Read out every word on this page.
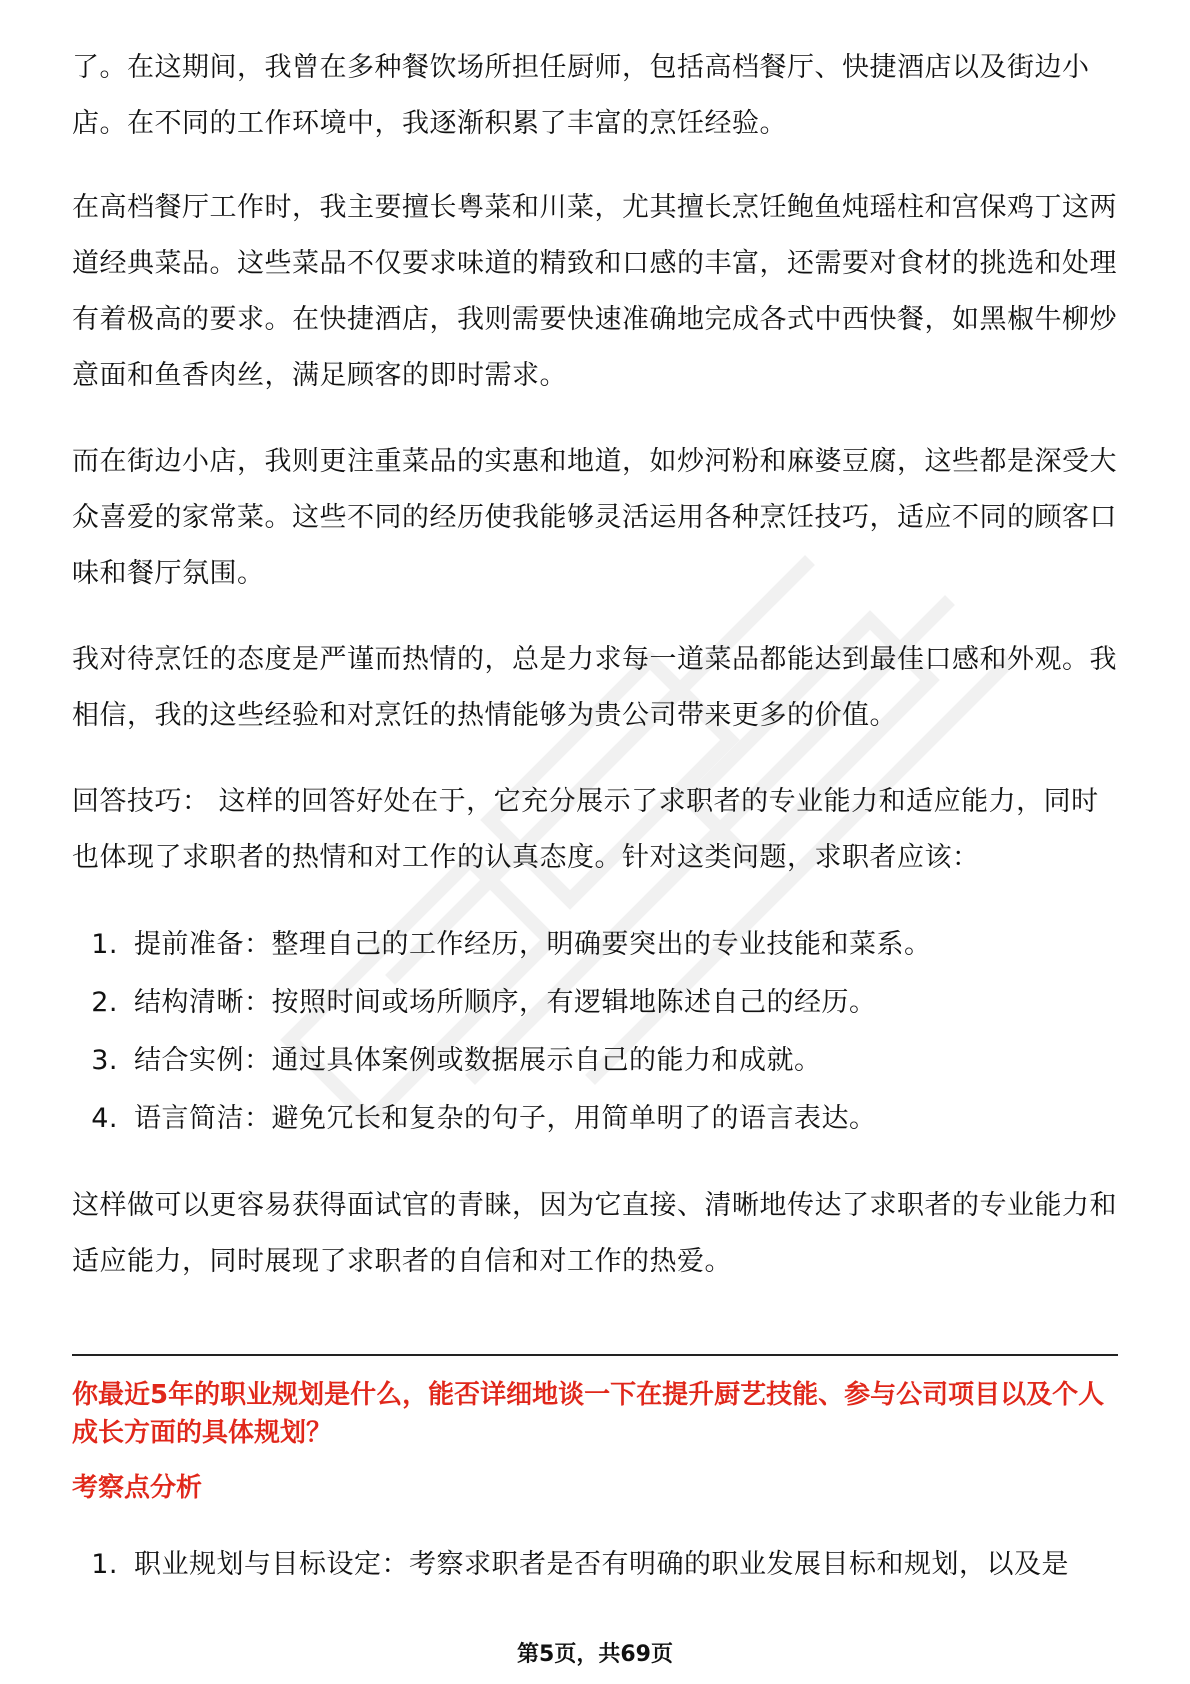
了。在这期间，我曾在多种餐饮场所担任厨师，包括高档餐厅、快捷酒店以及街边小店。在不同的工作环境中，我逐渐积累了丰富的烹饪经验。

在高档餐厅工作时，我主要擅长粤菜和川菜，尤其擅长烹饪鲍鱼炖瑶柱和宫保鸡丁这两道经典菜品。这些菜品不仅要求味道的精致和口感的丰富，还需要对食材的挑选和处理有着极高的要求。在快捷酒店，我则需要快速准确地完成各式中西快餐，如黑椒牛柳炒意面和鱼香肉丝，满足顾客的即时需求。

而在街边小店，我则更注重菜品的实惠和地道，如炒河粉和麻婆豆腐，这些都是深受大众喜爱的家常菜。这些不同的经历使我能够灵活运用各种烹饪技巧，适应不同的顾客口味和餐厅氛围。

我对待烹饪的态度是严谨而热情的，总是力求每一道菜品都能达到最佳口感和外观。我相信，我的这些经验和对烹饪的热情能够为贵公司带来更多的价值。

回答技巧： 这样的回答好处在于，它充分展示了求职者的专业能力和适应能力，同时也体现了求职者的热情和对工作的认真态度。针对这类问题，求职者应该：

1. 提前准备：整理自己的工作经历，明确要突出的专业技能和菜系。
2. 结构清晰：按照时间或场所顺序，有逻辑地陈述自己的经历。
3. 结合实例：通过具体案例或数据展示自己的能力和成就。
4. 语言简洁：避免冗长和复杂的句子，用简单明了的语言表达。

这样做可以更容易获得面试官的青睐，因为它直接、清晰地传达了求职者的专业能力和适应能力，同时展现了求职者的自信和对工作的热爱。

你最近5年的职业规划是什么，能否详细地谈一下在提升厨艺技能、参与公司项目以及个人成长方面的具体规划？
考察点分析
1. 职业规划与目标设定：考察求职者是否有明确的职业发展目标和规划，以及是
第5页，共69页
